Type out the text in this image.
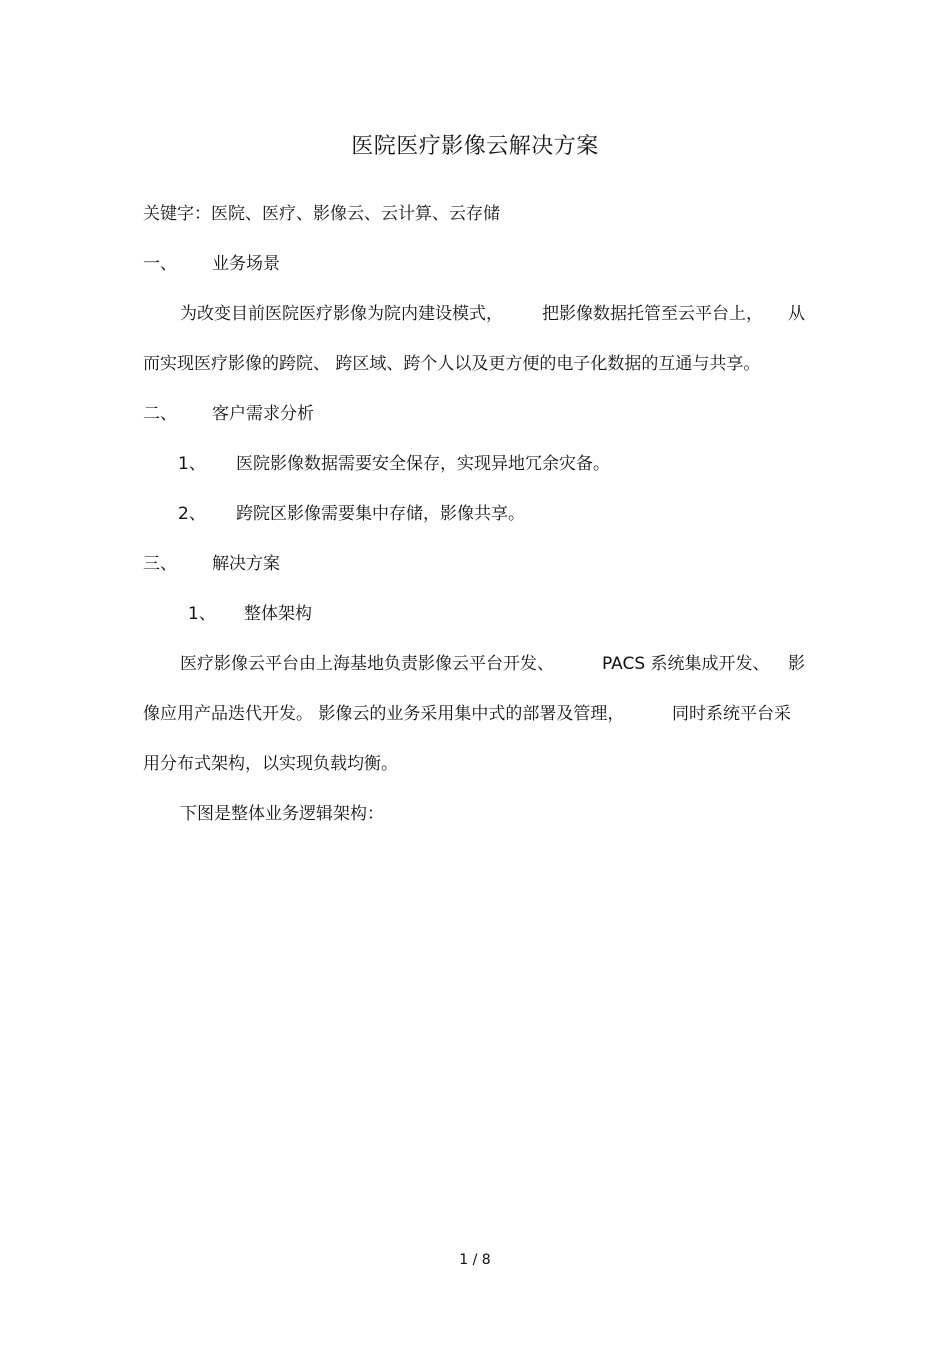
医院医疗影像云解决方案
关键字：医院、医疗、影像云、云计算、云存储
一、 业务场景
为改变目前医院医疗影像为院内建设模式， 把影像数据托管至云平台上， 从
而实现医疗影像的跨院、 跨区域、跨个人以及更方便的电子化数据的互通与共享。
二、 客户需求分析
1、 医院影像数据需要安全保存，实现异地冗余灾备。
2、 跨院区影像需要集中存储，影像共享。
三、 解决方案
1、 整体架构
医疗影像云平台由上海基地负责影像云平台开发、	PACS 系统集成开发、 影
像应用产品迭代开发。 影像云的业务采用集中式的部署及管理，	同时系统平台采
用分布式架构，以实现负载均衡。
下图是整体业务逻辑架构：
1 / 8
